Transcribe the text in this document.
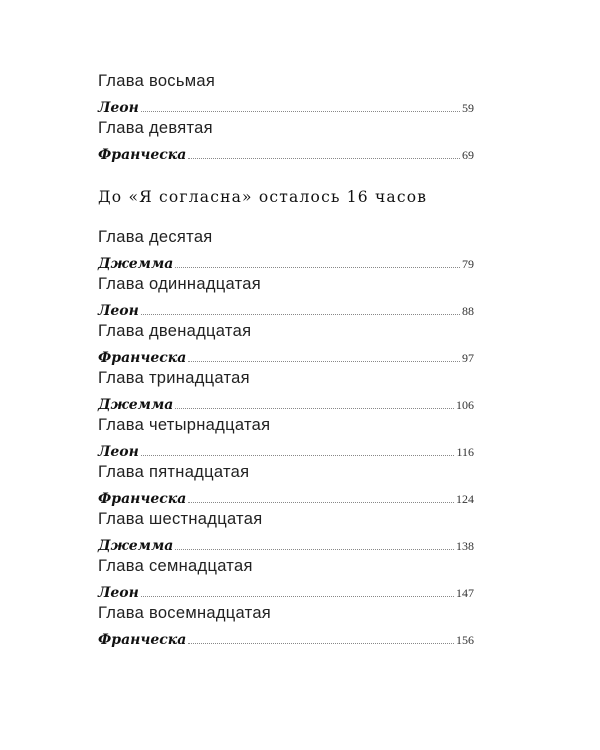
Глава восьмая
Леон	59
Глава девятая
Франческа	69
До «Я согласна» осталось 16 часов
Глава десятая
Джемма	79
Глава одиннадцатая
Леон	88
Глава двенадцатая
Франческа	97
Глава тринадцатая
Джемма	106
Глава четырнадцатая
Леон	116
Глава пятнадцатая
Франческа	124
Глава шестнадцатая
Джемма	138
Глава семнадцатая
Леон	147
Глава восемнадцатая
Франческа	156
